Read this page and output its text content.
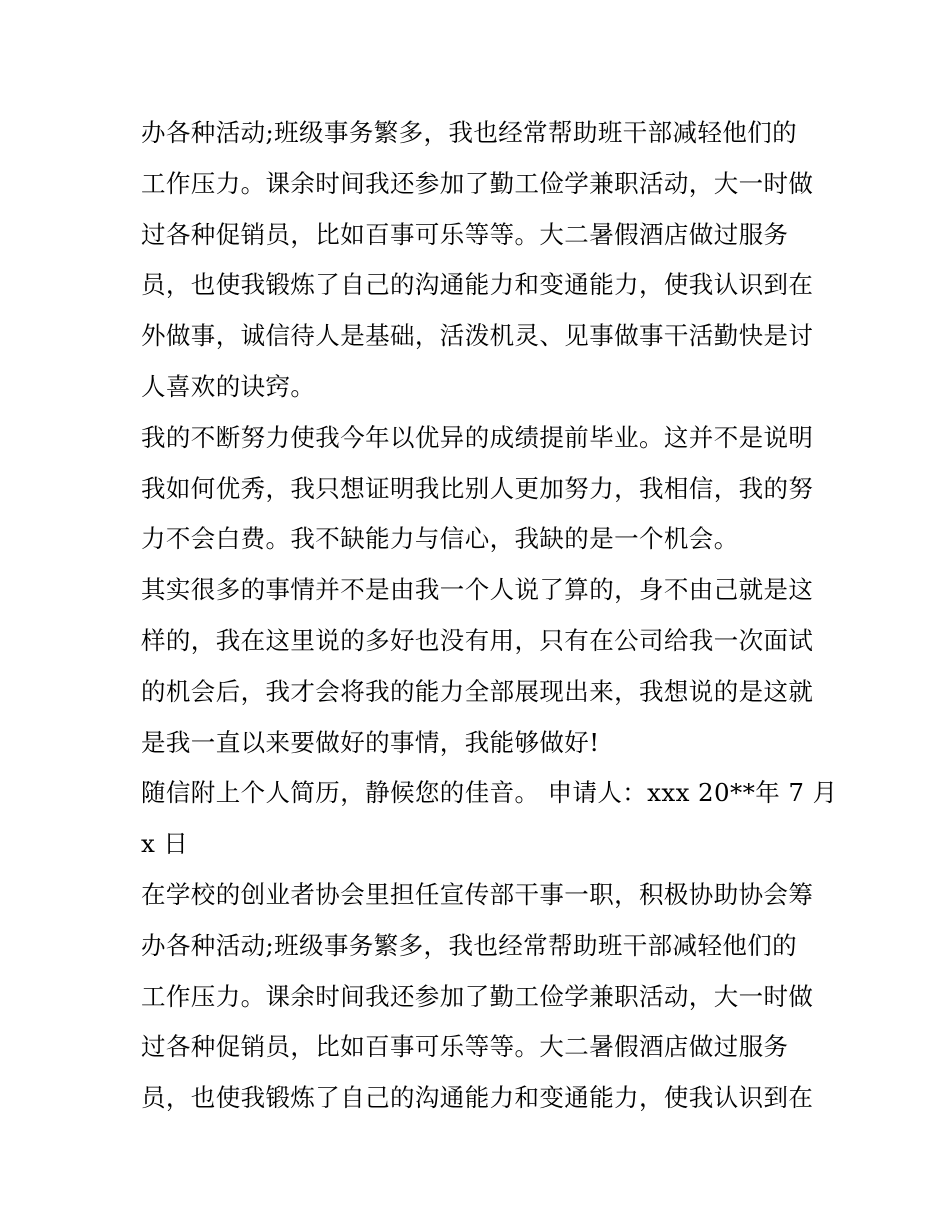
办各种活动;班级事务繁多，我也经常帮助班干部减轻他们的
工作压力。课余时间我还参加了勤工俭学兼职活动，大一时做
过各种促销员，比如百事可乐等等。大二暑假酒店做过服务
员，也使我锻炼了自己的沟通能力和变通能力，使我认识到在
外做事，诚信待人是基础，活泼机灵、见事做事干活勤快是讨
人喜欢的诀窍。
我的不断努力使我今年以优异的成绩提前毕业。这并不是说明
我如何优秀，我只想证明我比别人更加努力，我相信，我的努
力不会白费。我不缺能力与信心，我缺的是一个机会。
其实很多的事情并不是由我一个人说了算的，身不由己就是这
样的，我在这里说的多好也没有用，只有在公司给我一次面试
的机会后，我才会将我的能力全部展现出来，我想说的是这就
是我一直以来要做好的事情，我能够做好!
随信附上个人简历，静候您的佳音。 申请人：xxx 20**年 7 月
x 日
在学校的创业者协会里担任宣传部干事一职，积极协助协会筹
办各种活动;班级事务繁多，我也经常帮助班干部减轻他们的
工作压力。课余时间我还参加了勤工俭学兼职活动，大一时做
过各种促销员，比如百事可乐等等。大二暑假酒店做过服务
员，也使我锻炼了自己的沟通能力和变通能力，使我认识到在
